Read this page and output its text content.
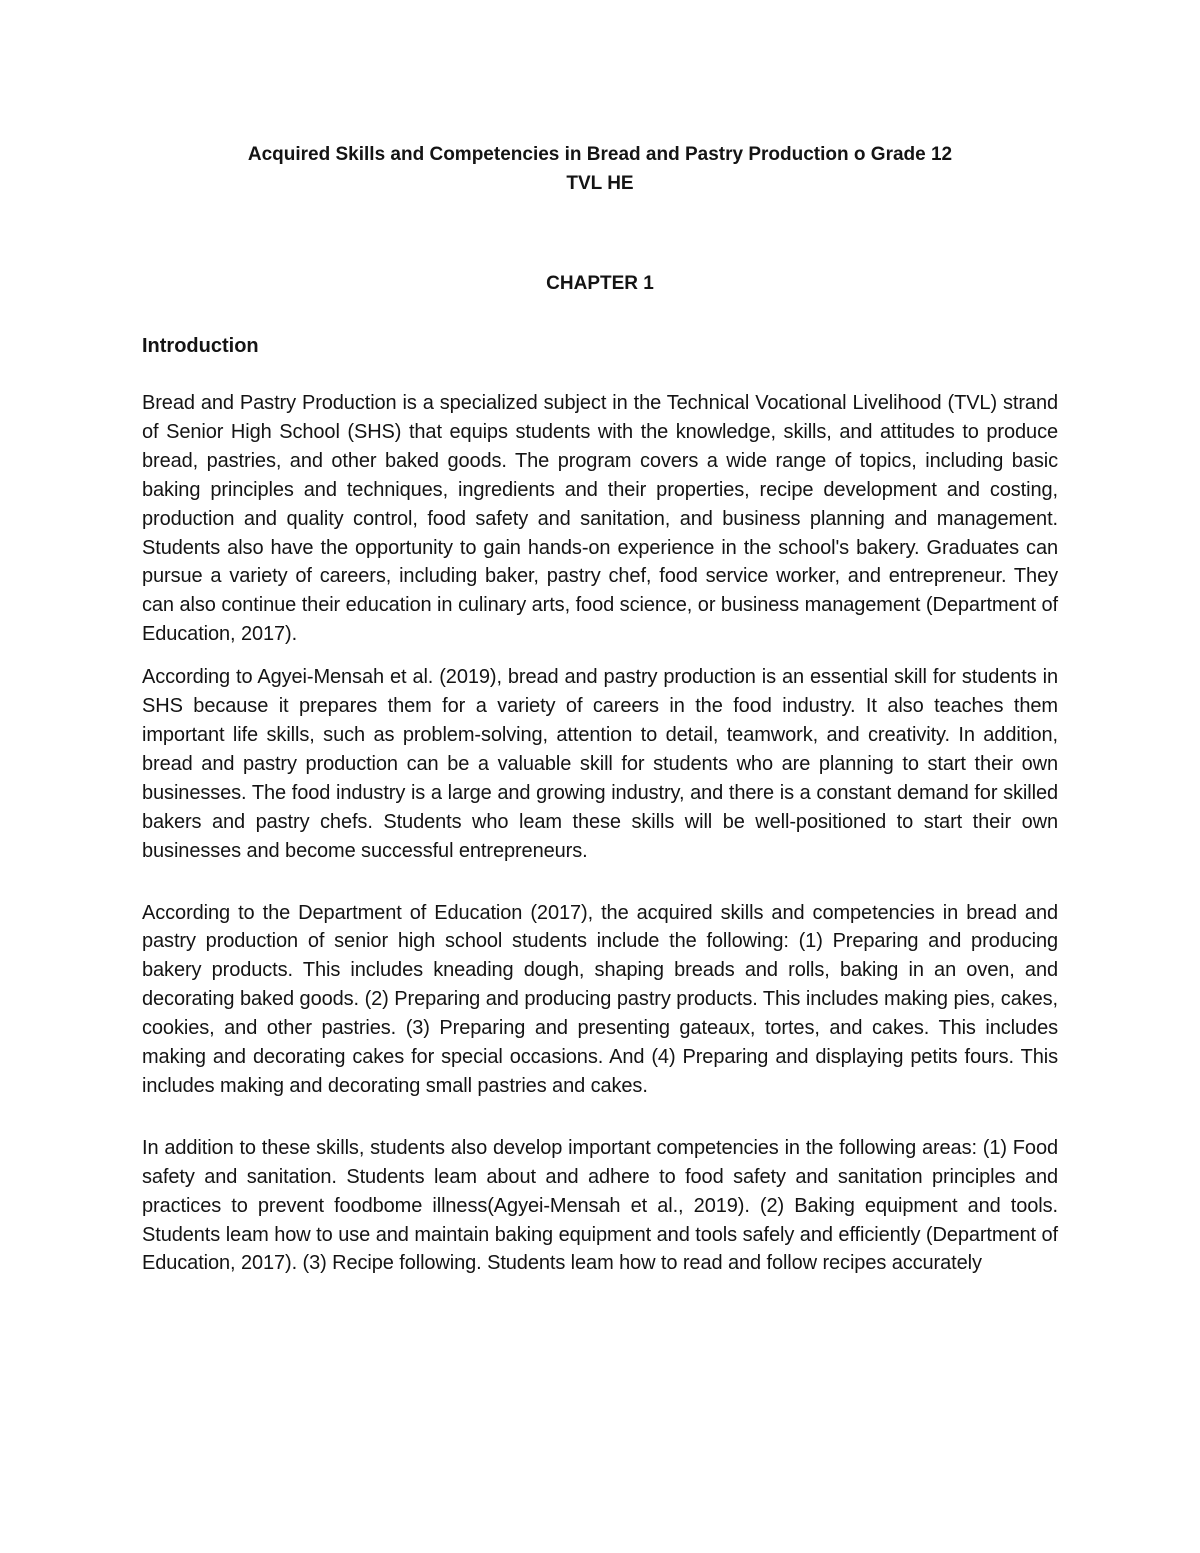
Acquired Skills and Competencies in Bread and Pastry Production o Grade 12
TVL HE
CHAPTER 1
Introduction

Bread and Pastry Production is a specialized subject in the Technical Vocational Livelihood (TVL) strand of Senior High School (SHS) that equips students with the knowledge, skills, and attitudes to produce bread, pastries, and other baked goods. The program covers a wide range of topics, including basic baking principles and techniques, ingredients and their properties, recipe development and costing, production and quality control, food safety and sanitation, and business planning and management. Students also have the opportunity to gain hands-on experience in the school's bakery. Graduates can pursue a variety of careers, including baker, pastry chef, food service worker, and entrepreneur. They can also continue their education in culinary arts, food science, or business management (Department of Education, 2017).

According to Agyei-Mensah et al. (2019), bread and pastry production is an essential skill for students in SHS because it prepares them for a variety of careers in the food industry. It also teaches them important life skills, such as problem-solving, attention to detail, teamwork, and creativity. In addition, bread and pastry production can be a valuable skill for students who are planning to start their own businesses. The food industry is a large and growing industry, and there is a constant demand for skilled bakers and pastry chefs. Students who leam these skills will be well-positioned to start their own businesses and become successful entrepreneurs.

According to the Department of Education (2017), the acquired skills and competencies in bread and pastry production of senior high school students include the following: (1) Preparing and producing bakery products. This includes kneading dough, shaping breads and rolls, baking in an oven, and decorating baked goods. (2) Preparing and producing pastry products. This includes making pies, cakes, cookies, and other pastries. (3) Preparing and presenting gateaux, tortes, and cakes. This includes making and decorating cakes for special occasions. And (4) Preparing and displaying petits fours. This includes making and decorating small pastries and cakes.

In addition to these skills, students also develop important competencies in the following areas: (1) Food safety and sanitation. Students leam about and adhere to food safety and sanitation principles and practices to prevent foodbome illness(Agyei-Mensah et al., 2019). (2) Baking equipment and tools. Students leam how to use and maintain baking equipment and tools safely and efficiently (Department of Education, 2017). (3) Recipe following. Students leam how to read and follow recipes accurately
